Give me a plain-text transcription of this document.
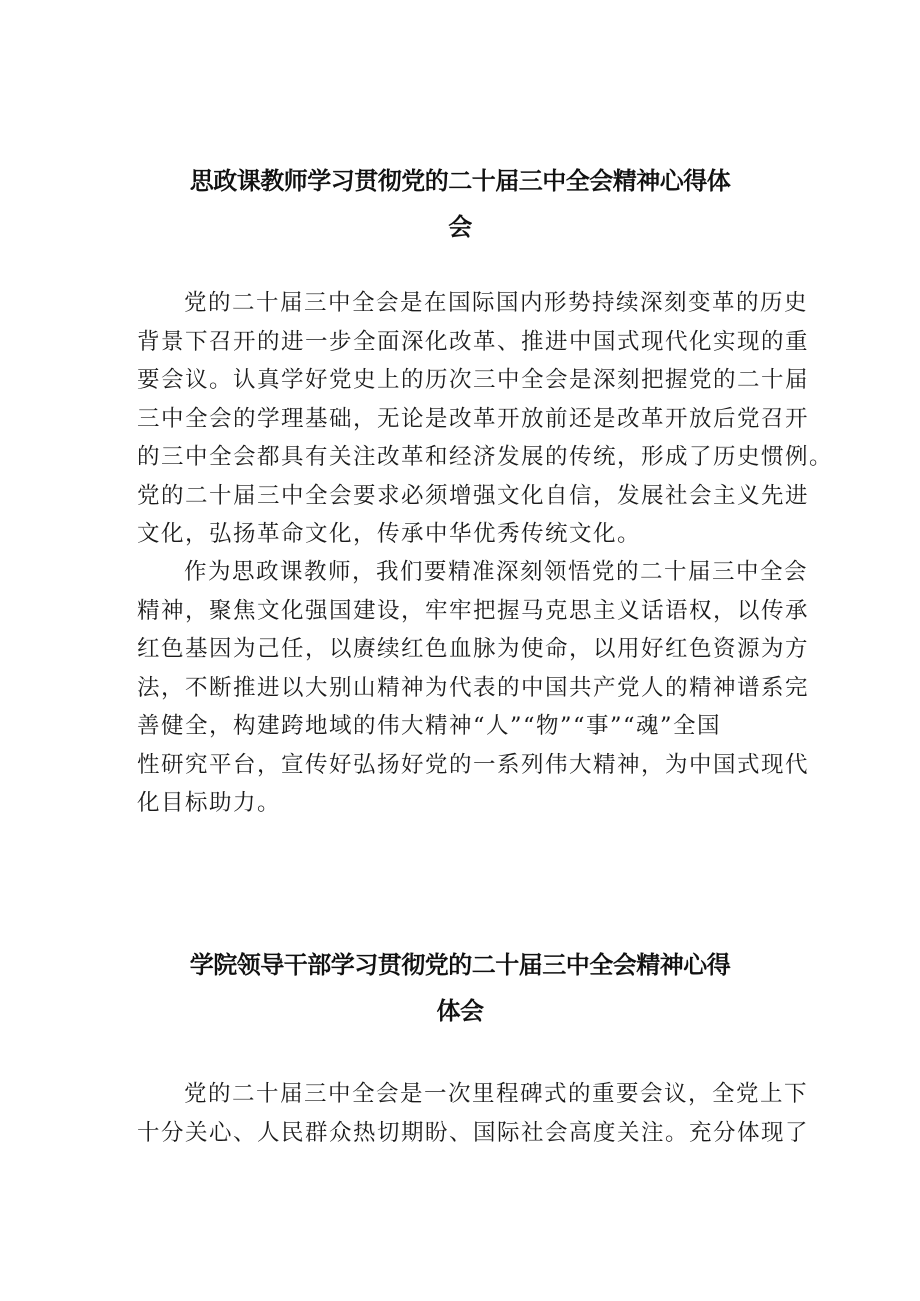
思政课教师学习贯彻党的二十届三中全会精神心得体
会
党的二十届三中全会是在国际国内形势持续深刻变革的历史
背景下召开的进一步全面深化改革、推进中国式现代化实现的重
要会议。认真学好党史上的历次三中全会是深刻把握党的二十届
三中全会的学理基础，无论是改革开放前还是改革开放后党召开
的三中全会都具有关注改革和经济发展的传统，形成了历史惯例。
党的二十届三中全会要求必须增强文化自信，发展社会主义先进
文化，弘扬革命文化，传承中华优秀传统文化。
作为思政课教师，我们要精准深刻领悟党的二十届三中全会
精神，聚焦文化强国建设，牢牢把握马克思主义话语权，以传承
红色基因为己任，以赓续红色血脉为使命，以用好红色资源为方
法，不断推进以大别山精神为代表的中国共产党人的精神谱系完
善健全，构建跨地域的伟大精神“人”“物”“事”“魂”全国
性研究平台，宣传好弘扬好党的一系列伟大精神，为中国式现代
化目标助力。
学院领导干部学习贯彻党的二十届三中全会精神心得
体会
党的二十届三中全会是一次里程碑式的重要会议，全党上下
十分关心、人民群众热切期盼、国际社会高度关注。充分体现了
